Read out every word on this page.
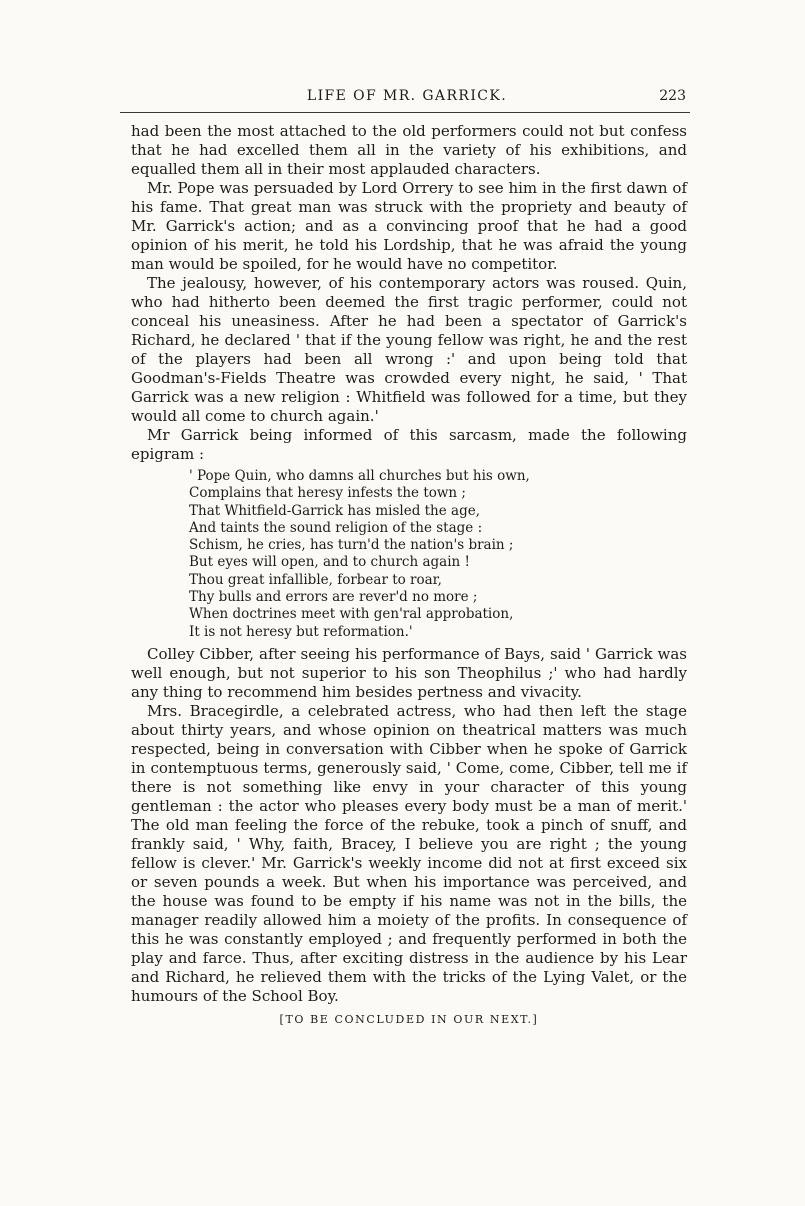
LIFE OF MR. GARRICK.	223

had been the most attached to the old performers could not but confess that he had excelled them all in the variety of his exhibitions, and equalled them all in their most applauded characters.

Mr. Pope was persuaded by Lord Orrery to see him in the first dawn of his fame. That great man was struck with the propriety and beauty of Mr. Garrick's action; and as a convincing proof that he had a good opinion of his merit, he told his Lordship, that he was afraid the young man would be spoiled, for he would have no competitor.

The jealousy, however, of his contemporary actors was roused. Quin, who had hitherto been deemed the first tragic performer, could not conceal his uneasiness. After he had been a spectator of Garrick's Richard, he declared ' that if the young fellow was right, he and the rest of the players had been all wrong :' and upon being told that Goodman's-Fields Theatre was crowded every night, he said, ' That Garrick was a new religion : Whitfield was followed for a time, but they would all come to church again.'

Mr Garrick being informed of this sarcasm, made the following epigram :

' Pope Quin, who damns all churches but his own,
Complains that heresy infests the town ;
That Whitfield-Garrick has misled the age,
And taints the sound religion of the stage :
Schism, he cries, has turn'd the nation's brain ;
But eyes will open, and to church again !
Thou great infallible, forbear to roar,
Thy bulls and errors are rever'd no more ;
When doctrines meet with gen'ral approbation,
It is not heresy but reformation.'

Colley Cibber, after seeing his performance of Bays, said ' Garrick was well enough, but not superior to his son Theophilus ;' who had hardly any thing to recommend him besides pertness and vivacity.

Mrs. Bracegirdle, a celebrated actress, who had then left the stage about thirty years, and whose opinion on theatrical matters was much respected, being in conversation with Cibber when he spoke of Garrick in contemptuous terms, generously said, ' Come, come, Cibber, tell me if there is not something like envy in your character of this young gentleman : the actor who pleases every body must be a man of merit.' The old man feeling the force of the rebuke, took a pinch of snuff, and frankly said, ' Why, faith, Bracey, I believe you are right ; the young fellow is clever.' Mr. Garrick's weekly income did not at first exceed six or seven pounds a week. But when his importance was perceived, and the house was found to be empty if his name was not in the bills, the manager readily allowed him a moiety of the profits. In consequence of this he was constantly employed ; and frequently performed in both the play and farce. Thus, after exciting distress in the audience by his Lear and Richard, he relieved them with the tricks of the Lying Valet, or the humours of the School Boy.

[TO BE CONCLUDED IN OUR NEXT.]
